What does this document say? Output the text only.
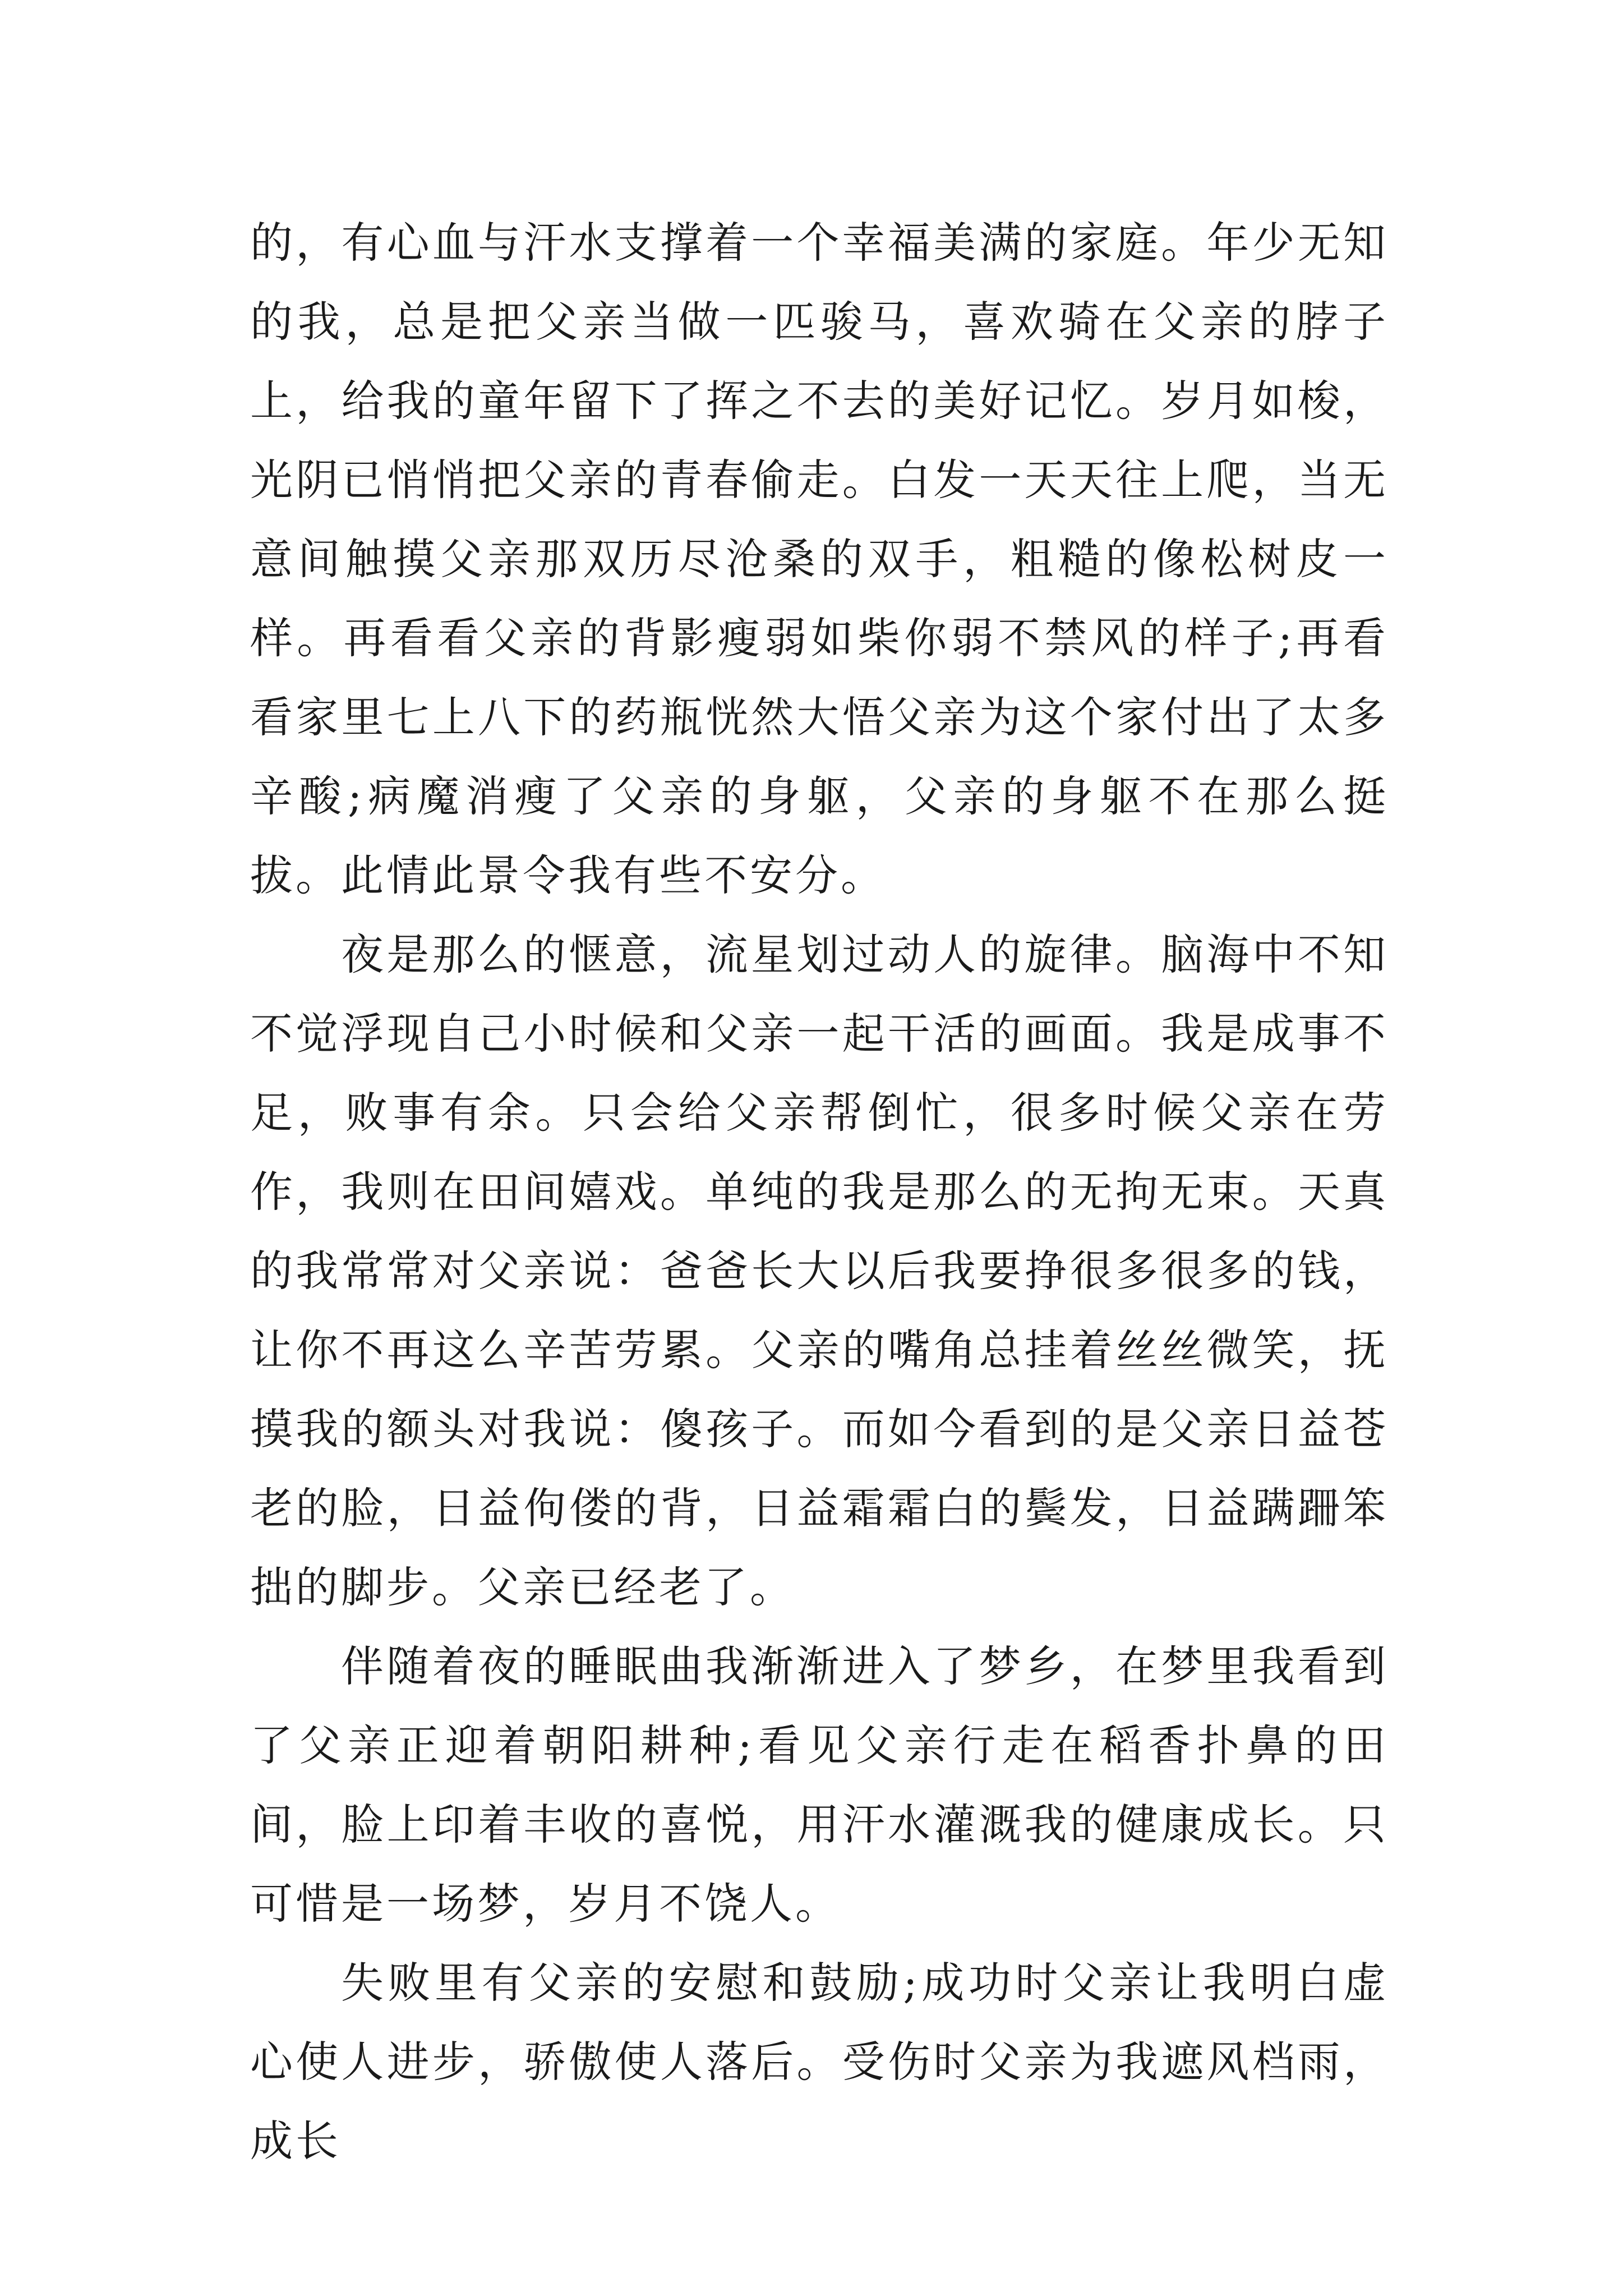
的，有心血与汗水支撑着一个幸福美满的家庭。年少无知的我，总是把父亲当做一匹骏马，喜欢骑在父亲的脖子上，给我的童年留下了挥之不去的美好记忆。岁月如梭，光阴已悄悄把父亲的青春偷走。白发一天天往上爬，当无意间触摸父亲那双历尽沧桑的双手，粗糙的像松树皮一样。再看看父亲的背影瘦弱如柴你弱不禁风的样子;再看看家里七上八下的药瓶恍然大悟父亲为这个家付出了太多辛酸;病魔消瘦了父亲的身躯，父亲的身躯不在那么挺拔。此情此景令我有些不安分。

夜是那么的惬意，流星划过动人的旋律。脑海中不知不觉浮现自己小时候和父亲一起干活的画面。我是成事不足，败事有余。只会给父亲帮倒忙，很多时候父亲在劳作，我则在田间嬉戏。单纯的我是那么的无拘无束。天真的我常常对父亲说：爸爸长大以后我要挣很多很多的钱，让你不再这么辛苦劳累。父亲的嘴角总挂着丝丝微笑，抚摸我的额头对我说：傻孩子。而如今看到的是父亲日益苍老的脸，日益佝偻的背，日益霜霜白的鬓发，日益蹒跚笨拙的脚步。父亲已经老了。

伴随着夜的睡眠曲我渐渐进入了梦乡，在梦里我看到了父亲正迎着朝阳耕种;看见父亲行走在稻香扑鼻的田间，脸上印着丰收的喜悦，用汗水灌溉我的健康成长。只可惜是一场梦，岁月不饶人。

失败里有父亲的安慰和鼓励;成功时父亲让我明白虚心使人进步，骄傲使人落后。受伤时父亲为我遮风档雨，成长
